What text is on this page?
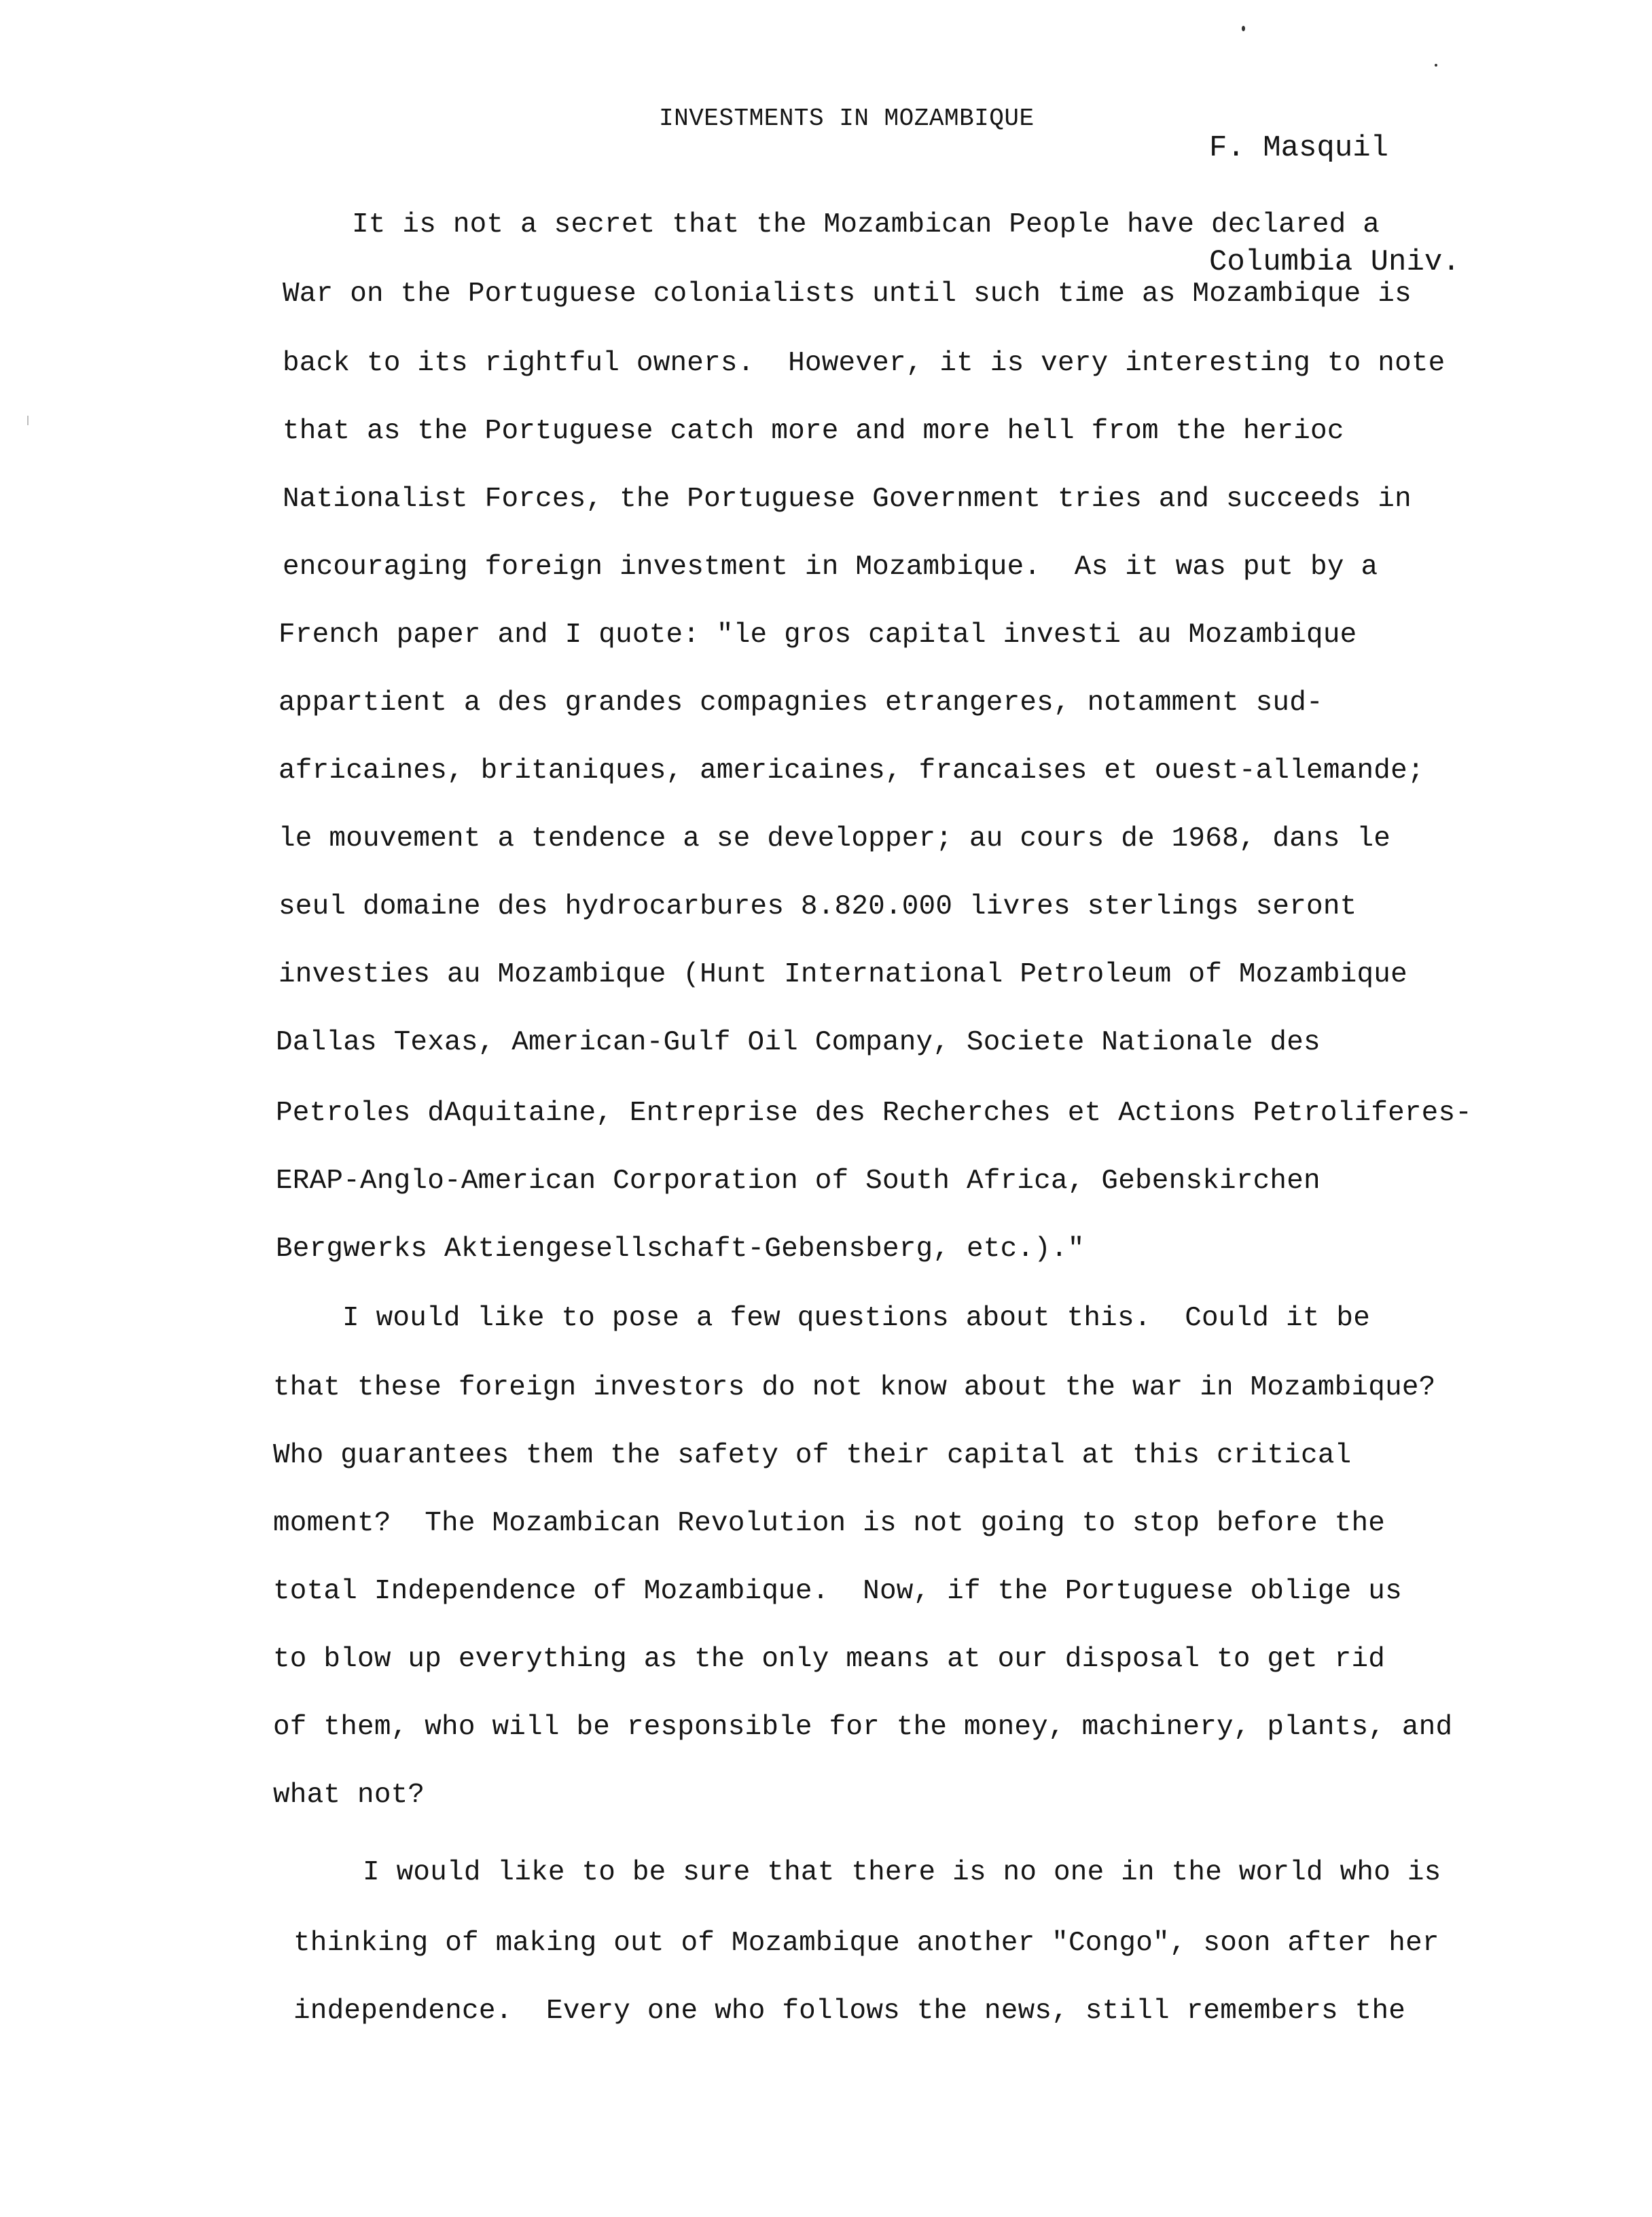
F. Masquil

Columbia Univ.

INVESTMENTS IN MOZAMBIQUE
It is not a secret that the Mozambican People have declared a
War on the Portuguese colonialists until such time as Mozambique is
back to its rightful owners.  However, it is very interesting to note
that as the Portuguese catch more and more hell from the herioc
Nationalist Forces, the Portuguese Government tries and succeeds in
encouraging foreign investment in Mozambique.  As it was put by a
French paper and I quote: "le gros capital investi au Mozambique
appartient a des grandes compagnies etrangeres, notamment sud-
africaines, britaniques, americaines, francaises et ouest-allemande;
le mouvement a tendence a se developper; au cours de 1968, dans le
seul domaine des hydrocarbures 8.820.000 livres sterlings seront
investies au Mozambique (Hunt International Petroleum of Mozambique
Dallas Texas, American-Gulf Oil Company, Societe Nationale des
Petroles dAquitaine, Entreprise des Recherches et Actions Petroliferes-
ERAP-Anglo-American Corporation of South Africa, Gebenskirchen
Bergwerks Aktiengesellschaft-Gebensberg, etc.)."
I would like to pose a few questions about this.  Could it be
that these foreign investors do not know about the war in Mozambique?
Who guarantees them the safety of their capital at this critical
moment?  The Mozambican Revolution is not going to stop before the
total Independence of Mozambique.  Now, if the Portuguese oblige us
to blow up everything as the only means at our disposal to get rid
of them, who will be responsible for the money, machinery, plants, and
what not?
I would like to be sure that there is no one in the world who is
thinking of making out of Mozambique another "Congo", soon after her
independence.  Every one who follows the news, still remembers the
